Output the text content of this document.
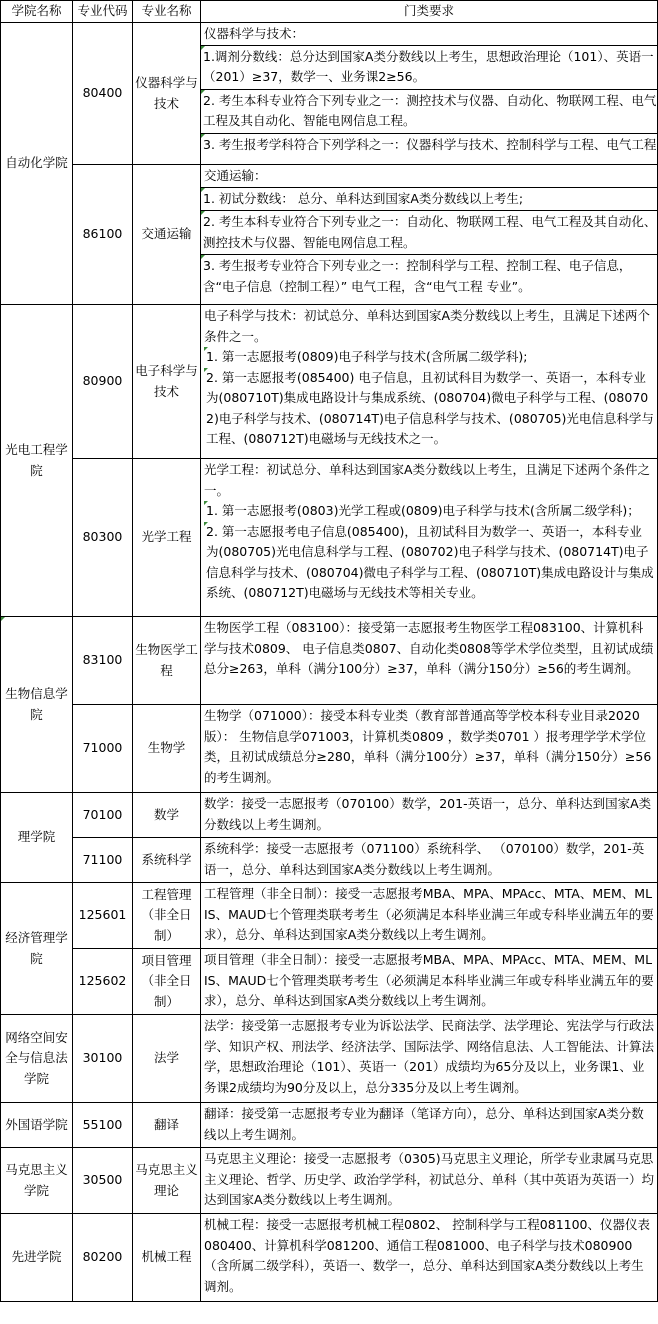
学院名称	专业代码	专业名称	门类要求
自动化学院	80400	仪器科学与技术	仪器科学与技术：
1.调剂分数线：总分达到国家A类分数线以上考生，思想政治理论（101）、英语一（201）≥37，数学一、业务课2≥56。
2. 考生本科专业符合下列专业之一：测控技术与仪器、自动化、物联网工程、电气工程及其自动化、智能电网信息工程。
3. 考生报考学科符合下列学科之一：仪器科学与技术、控制科学与工程、电气工程

	86100	交通运输	交通运输：
1. 初试分数线： 总分、单科达到国家A类分数线以上考生;
2. 考生本科专业符合下列专业之一：自动化、物联网工程、电气工程及其自动化、测控技术与仪器、智能电网信息工程。
3. 考生报考专业符合下列专业之一：控制科学与工程、控制工程、电子信息，含“电子信息（控制工程）” 电气工程，含“电气工程 专业”。

光电工程学院	80900	电子科学与技术	电子科学与技术：初试总分、单科达到国家A类分数线以上考生，且满足下述两个条件之一。
1. 第一志愿报考(0809)电子科学与技术(含所属二级学科);
2. 第一志愿报考(085400) 电子信息，且初试科目为数学一、英语一，本科专业为(080710T)集成电路设计与集成系统、(080704)微电子科学与工程、(080702)电子科学与技术、(080714T)电子信息科学与技术、(080705)光电信息科学与工程、(080712T)电磁场与无线技术之一。

	80300	光学工程	光学工程：初试总分、单科达到国家A类分数线以上考生，且满足下述两个条件之一。
1. 第一志愿报考(0803)光学工程或(0809)电子科学与技术(含所属二级学科)；
2. 第一志愿报考电子信息(085400)，且初试科目为数学一、英语一，本科专业为(080705)光电信息科学与工程、(080702)电子科学与技术、(080714T)电子信息科学与技术、(080704)微电子科学与工程、(080710T)集成电路设计与集成系统、(080712T)电磁场与无线技术等相关专业。

生物信息学院	83100	生物医学工程	生物医学工程（083100）：接受第一志愿报考生物医学工程083100、计算机科学与技术0809、 电子信息类0807、自动化类0808等学术学位类型，且初试成绩总分≥263，单科（满分100分）≥37，单科（满分150分）≥56的考生调剂。
	71000	生物学	生物学（071000）：接受本科专业类（教育部普通高等学校本科专业目录2020版）： 生物信息学071003，计算机类0809 ，数学类0701 ）报考理学学术学位类，且初试成绩总分≥280，单科（满分100分）≥37，单科（满分150分）≥56的考生调剂。
理学院	70100	数学	数学：接受一志愿报考（070100）数学，201-英语一，总分、单科达到国家A类分数线以上考生调剂。
	71100	系统科学	系统科学：接受一志愿报考（071100）系统科学、 （070100）数学，201-英语一，总分、单科达到国家A类分数线以上考生调剂。
经济管理学院	125601	工程管理（非全日制）	工程管理（非全日制）：接受一志愿报考MBA、MPA、MPAcc、MTA、MEM、MLIS、MAUD七个管理类联考考生（必须满足本科毕业满三年或专科毕业满五年的要求），总分、单科达到国家A类分数线以上考生调剂。
	125602	项目管理（非全日制）	项目管理（非全日制）：接受一志愿报考MBA、MPA、MPAcc、MTA、MEM、MLIS、MAUD七个管理类联考考生（必须满足本科毕业满三年或专科毕业满五年的要求），总分、单科达到国家A类分数线以上考生调剂。
网络空间安全与信息法学院	30100	法学	法学：接受第一志愿报考专业为诉讼法学、民商法学、法学理论、宪法学与行政法学、知识产权、刑法学、经济法学、国际法学、网络信息法、人工智能法、计算法学，思想政治理论（101）、英语一（201）成绩均为65分及以上，业务课1、业务课2成绩均为90分及以上，总分335分及以上考生调剂。
外国语学院	55100	翻译	翻译：接受第一志愿报考专业为翻译（笔译方向），总分、单科达到国家A类分数线以上考生调剂。
马克思主义学院	30500	马克思主义理论	马克思主义理论：接受一志愿报考（0305)马克思主义理论，所学专业隶属马克思主义理论、哲学、历史学、政治学学科，初试总分、单科（其中英语为英语一）均达到国家A类分数线以上考生调剂。
先进学院	80200	机械工程	机械工程：接受一志愿报考机械工程0802、 控制科学与工程081100、仪器仪表080400、计算机科学081200、通信工程081000、电子科学与技术080900（含所属二级学科），英语一、数学一，总分、单科达到国家A类分数线以上考生调剂。
